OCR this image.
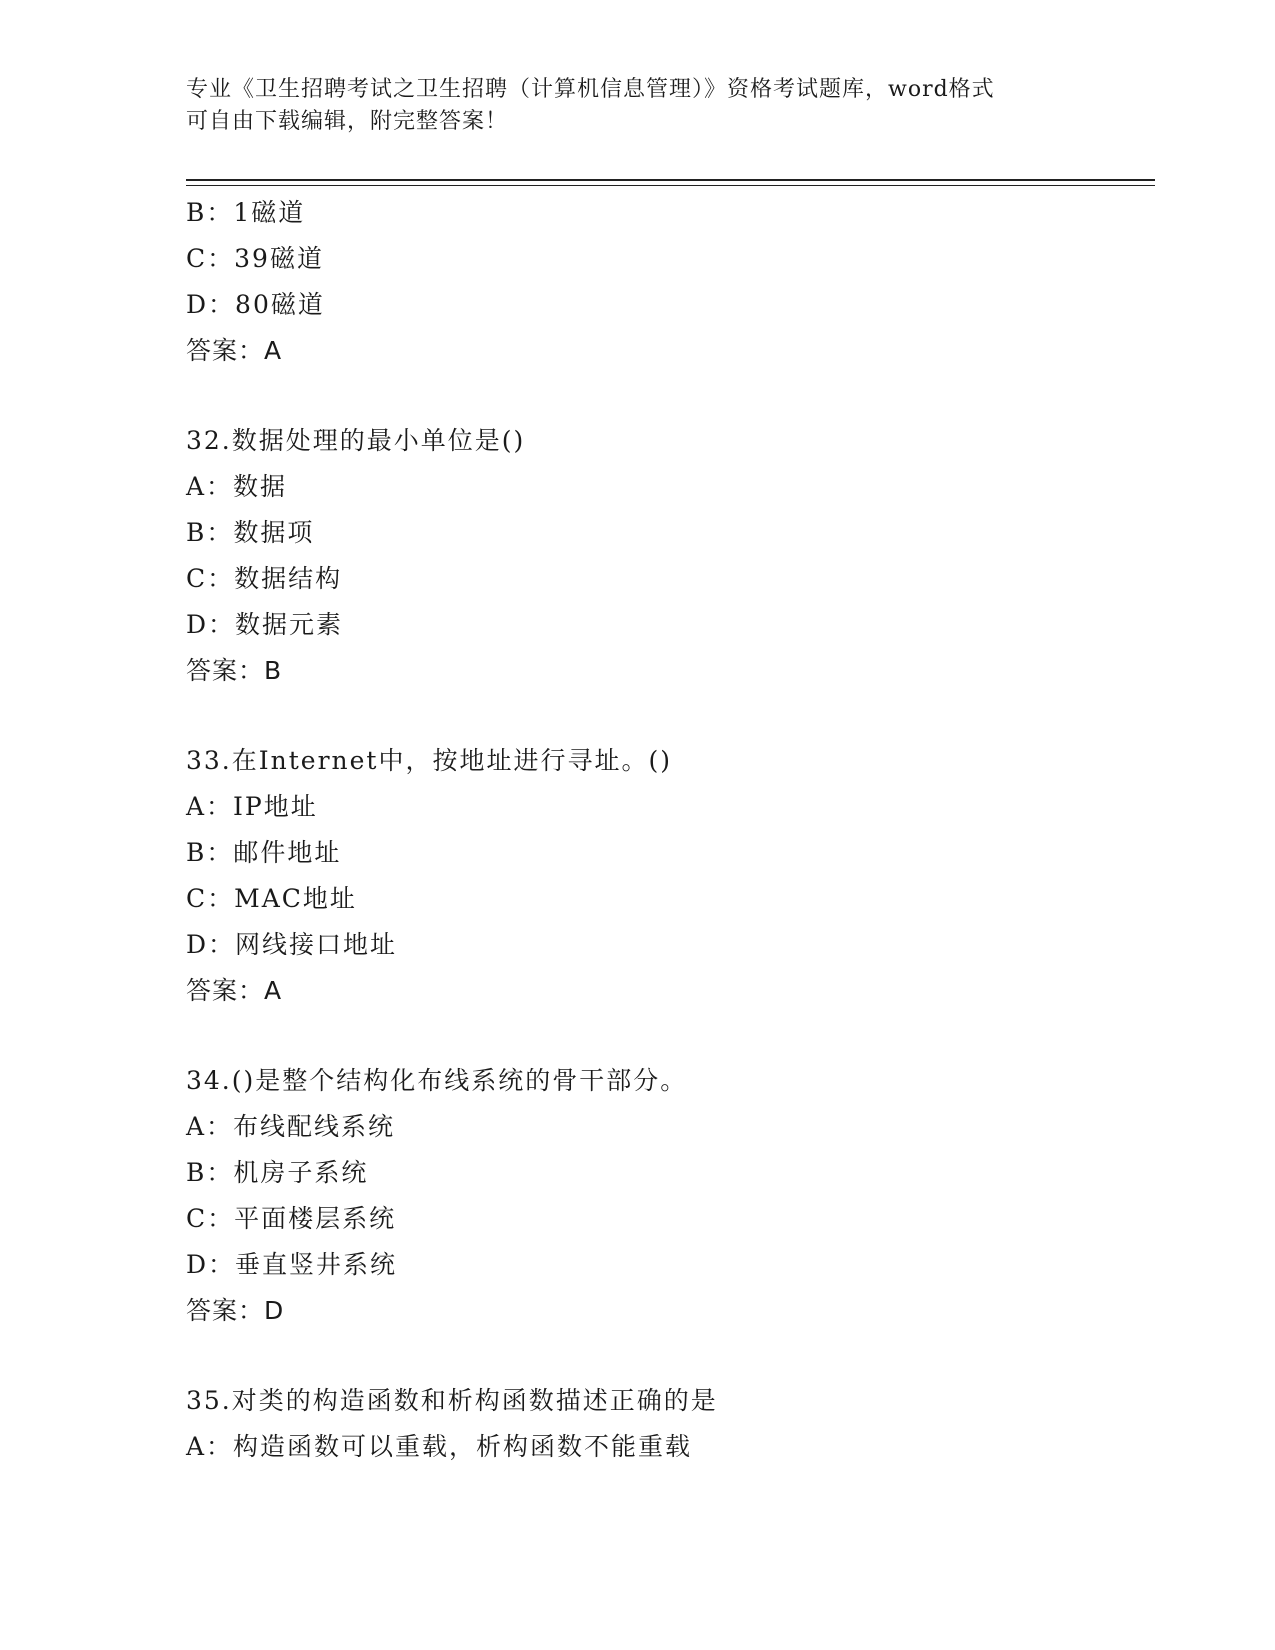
专业《卫生招聘考试之卫生招聘（计算机信息管理）》资格考试题库，word格式
可自由下载编辑，附完整答案！
B：1磁道
C：39磁道
D：80磁道
答案：A
32.数据处理的最小单位是()
A：数据
B：数据项
C：数据结构
D：数据元素
答案：B
33.在Internet中，按地址进行寻址。()
A：IP地址
B：邮件地址
C：MAC地址
D：网线接口地址
答案：A
34.()是整个结构化布线系统的骨干部分。
A：布线配线系统
B：机房子系统
C：平面楼层系统
D：垂直竖井系统
答案：D
35.对类的构造函数和析构函数描述正确的是
A：构造函数可以重载，析构函数不能重载
